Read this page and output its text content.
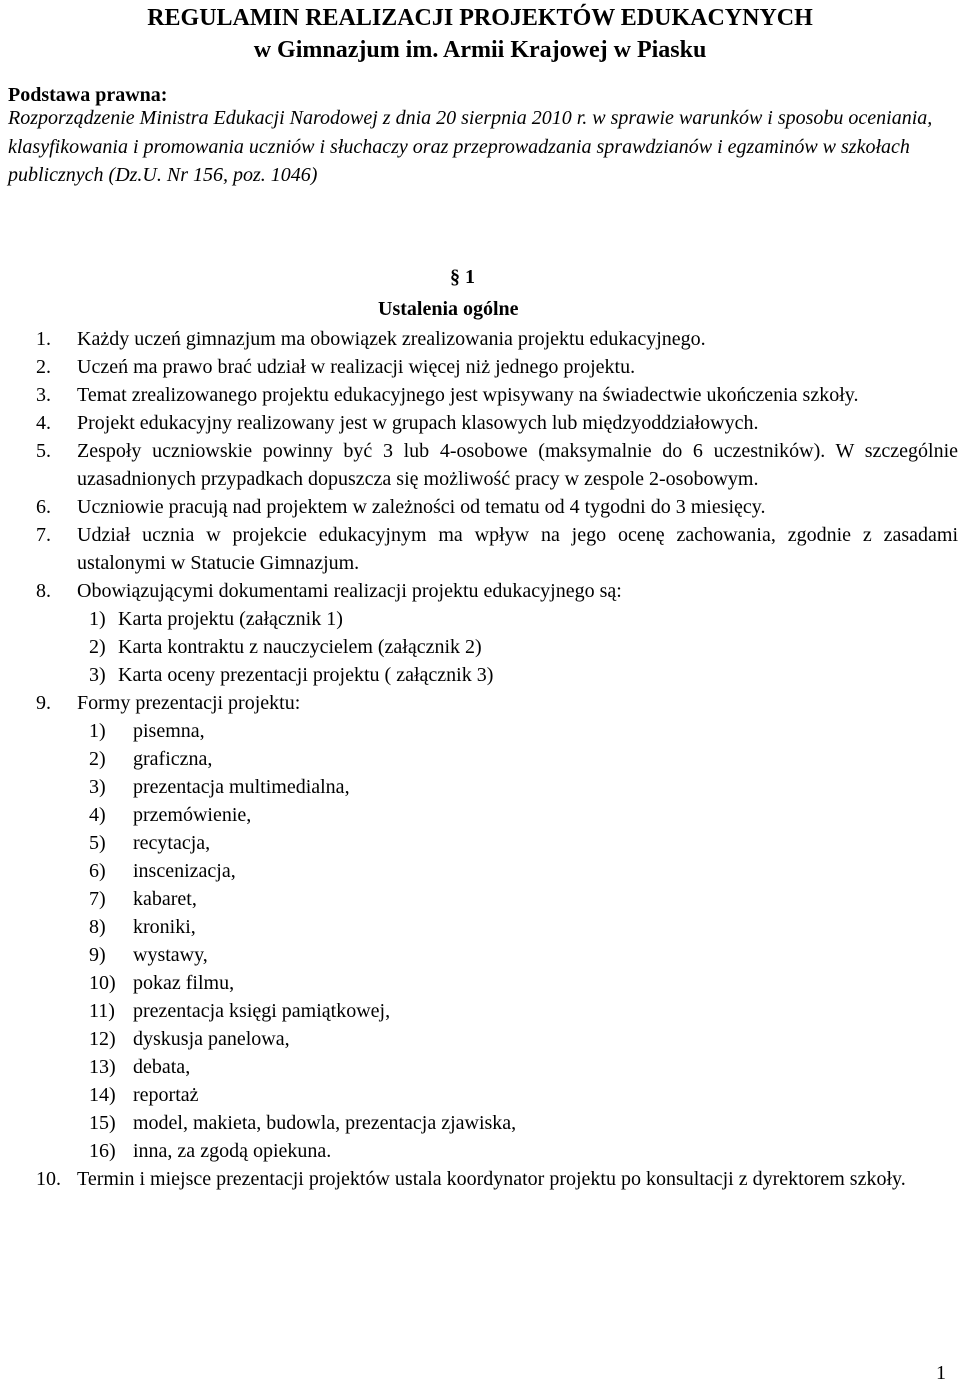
REGULAMIN REALIZACJI PROJEKTÓW EDUKACYNYCH
w Gimnazjum im. Armii Krajowej w Piasku
Podstawa prawna:
Rozporządzenie Ministra Edukacji Narodowej z dnia 20 sierpnia 2010 r. w sprawie warunków i sposobu oceniania, klasyfikowania i promowania uczniów i słuchaczy oraz przeprowadzania sprawdzianów i egzaminów w szkołach publicznych (Dz.U. Nr 156, poz. 1046)
§ 1
Ustalenia ogólne
1. Każdy uczeń gimnazjum ma obowiązek zrealizowania projektu edukacyjnego.
2. Uczeń ma prawo brać udział w realizacji więcej niż jednego projektu.
3. Temat zrealizowanego projektu edukacyjnego jest wpisywany na świadectwie ukończenia szkoły.
4. Projekt edukacyjny realizowany jest w grupach klasowych lub międzyoddziałowych.
5. Zespoły uczniowskie powinny być 3 lub 4-osobowe (maksymalnie do 6 uczestników). W szczególnie uzasadnionych przypadkach dopuszcza się możliwość pracy w zespole 2-osobowym.
6. Uczniowie pracują nad projektem w zależności od tematu od 4 tygodni do 3 miesięcy.
7. Udział ucznia w projekcie edukacyjnym ma wpływ na jego ocenę zachowania, zgodnie z zasadami ustalonymi w Statucie Gimnazjum.
8. Obowiązującymi dokumentami realizacji projektu edukacyjnego są:
1) Karta projektu (załącznik 1)
2) Karta kontraktu z nauczycielem (załącznik 2)
3) Karta oceny prezentacji projektu ( załącznik 3)
9. Formy prezentacji projektu:
1) pisemna,
2) graficzna,
3) prezentacja multimedialna,
4) przemówienie,
5) recytacja,
6) inscenizacja,
7) kabaret,
8) kroniki,
9) wystawy,
10) pokaz filmu,
11) prezentacja księgi pamiątkowej,
12) dyskusja panelowa,
13) debata,
14) reportaż
15) model, makieta, budowla, prezentacja zjawiska,
16) inna, za zgodą opiekuna.
10. Termin i miejsce prezentacji projektów ustala koordynator projektu po konsultacji z dyrektorem szkoły.
1
